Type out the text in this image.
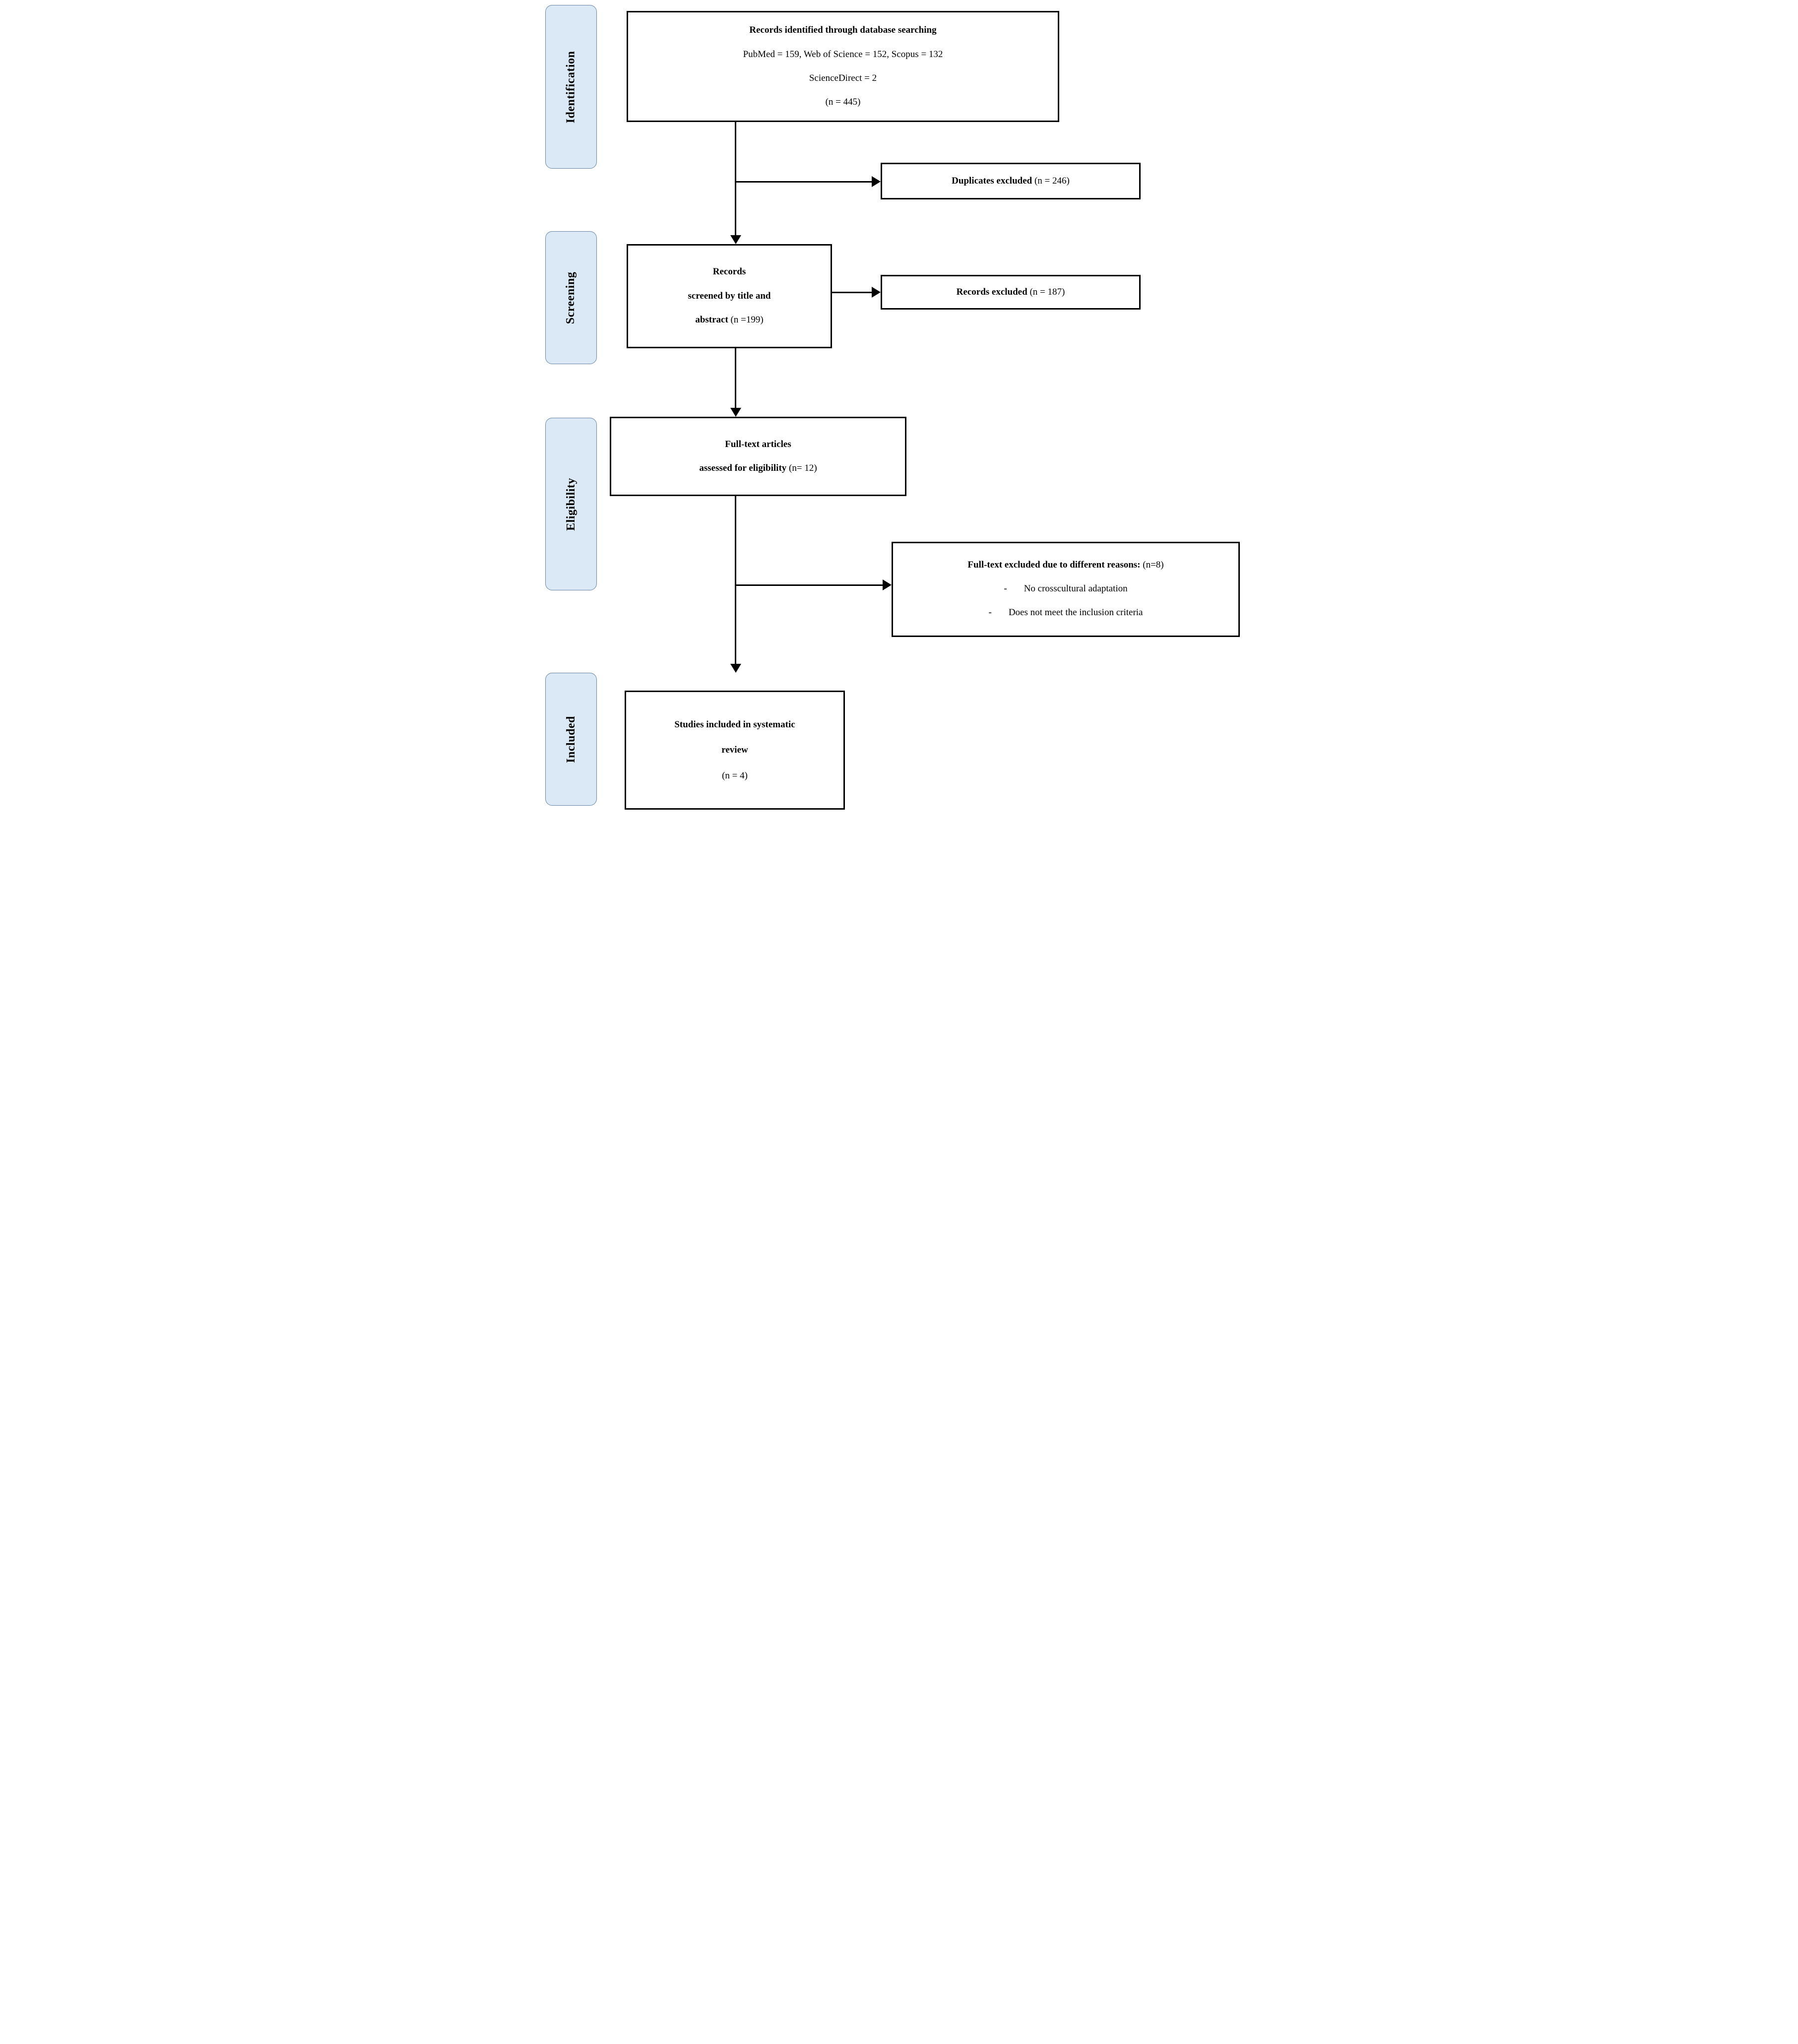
Identification
Screening
Eligibility
Included
Records identified through database searching
PubMed = 159, Web of Science = 152, Scopus = 132
ScienceDirect = 2
(n = 445)
Duplicates excluded (n = 246)
Records
screened by title and
abstract (n =199)
Records excluded (n = 187)
Full-text articles
assessed for eligibility (n= 12)
Full-text excluded due to different reasons: (n=8)
- No crosscultural adaptation
- Does not meet the inclusion criteria
Studies included in systematic
review
(n = 4)
